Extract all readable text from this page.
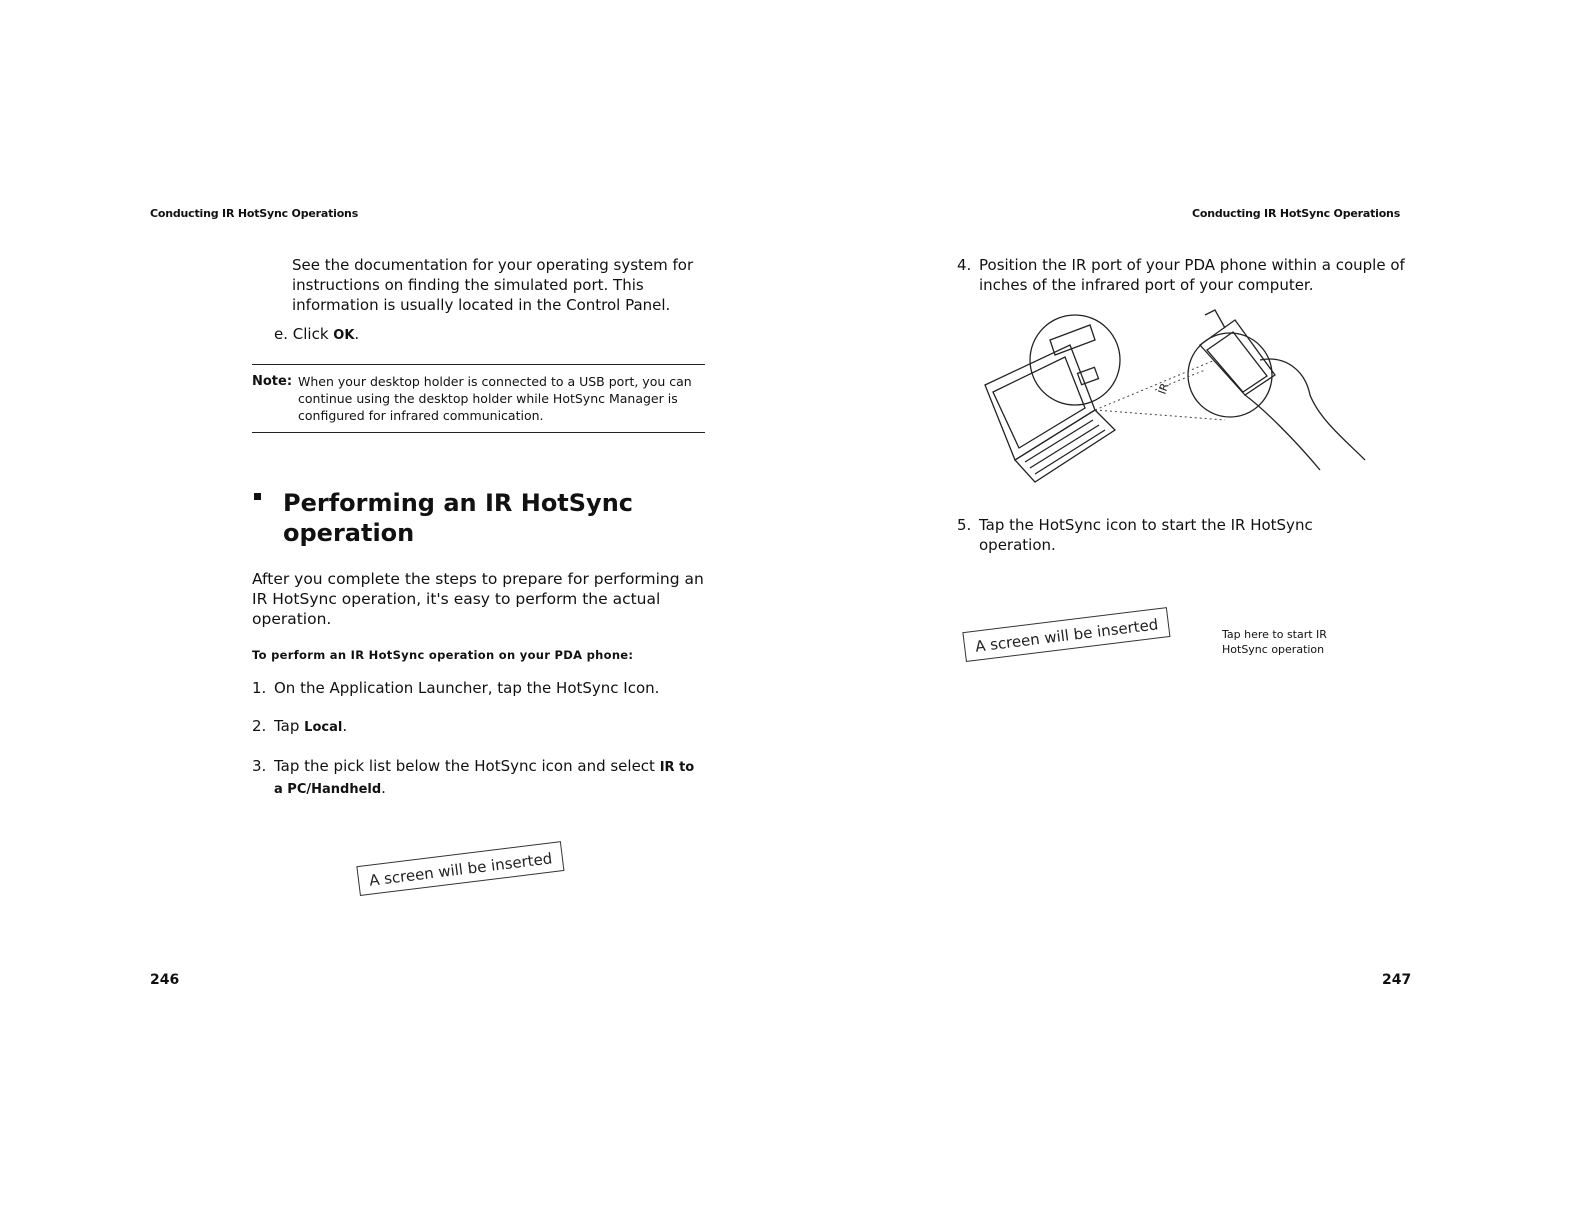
Conducting IR HotSync Operations
See the documentation for your operating system for instructions on finding the simulated port. This information is usually located in the Control Panel.
e. Click OK.
Note: When your desktop holder is connected to a USB port, you can continue using the desktop holder while HotSync Manager is configured for infrared communication.
Performing an IR HotSync operation
After you complete the steps to prepare for performing an IR HotSync operation, it's easy to perform the actual operation.
To perform an IR HotSync operation on your PDA phone:
1. On the Application Launcher, tap the HotSync Icon.
2. Tap Local.
3. Tap the pick list below the HotSync icon and select IR to a PC/Handheld.
A screen will be inserted
246
Conducting IR HotSync Operations
4. Position the IR port of your PDA phone within a couple of inches of the infrared port of your computer.
IR
5. Tap the HotSync icon to start the IR HotSync operation.
A screen will be inserted	Tap here to start IR HotSync operation
247
